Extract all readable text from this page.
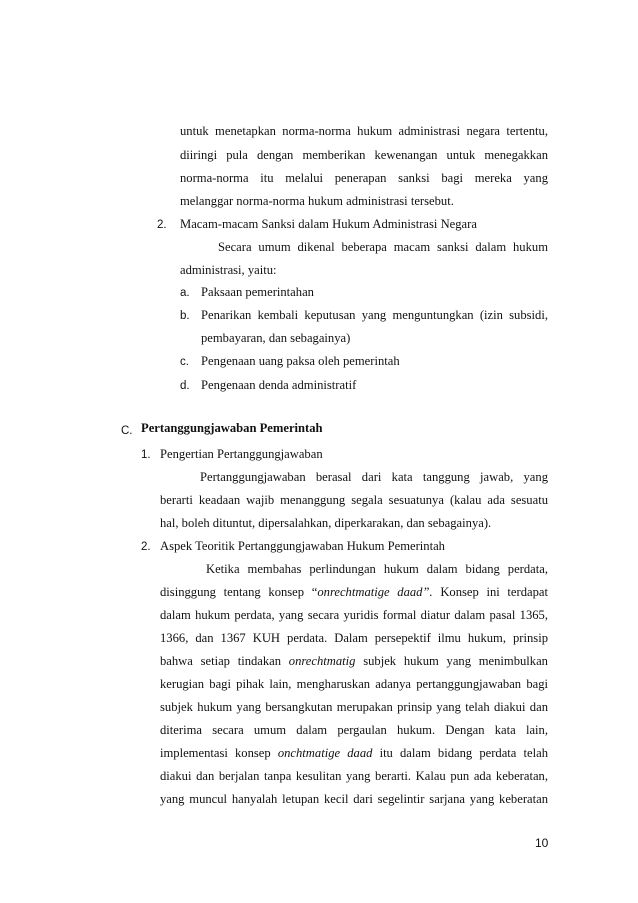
untuk menetapkan norma-norma hukum administrasi negara tertentu,
diiringi pula dengan memberikan kewenangan untuk menegakkan
norma-norma itu melalui penerapan sanksi bagi mereka yang
melanggar norma-norma hukum administrasi tersebut.
2. Macam-macam Sanksi dalam Hukum Administrasi Negara
Secara umum dikenal beberapa macam sanksi dalam hukum
administrasi, yaitu:
a. Paksaan pemerintahan
b. Penarikan kembali keputusan yang menguntungkan (izin subsidi,
pembayaran, dan sebagainya)
c. Pengenaan uang paksa oleh pemerintah
d. Pengenaan denda administratif
C. Pertanggungjawaban Pemerintah
1. Pengertian Pertanggungjawaban
Pertanggungjawaban berasal dari kata tanggung jawab, yang
berarti keadaan wajib menanggung segala sesuatunya (kalau ada sesuatu
hal, boleh dituntut, dipersalahkan, diperkarakan, dan sebagainya).
2. Aspek Teoritik Pertanggungjawaban Hukum Pemerintah
Ketika membahas perlindungan hukum dalam bidang perdata,
disinggung tentang konsep “onrechtmatige daad”. Konsep ini terdapat
dalam hukum perdata, yang secara yuridis formal diatur dalam pasal 1365,
1366, dan 1367 KUH perdata. Dalam persepektif ilmu hukum, prinsip
bahwa setiap tindakan onrechtmatig subjek hukum yang menimbulkan
kerugian bagi pihak lain, mengharuskan adanya pertanggungjawaban bagi
subjek hukum yang bersangkutan merupakan prinsip yang telah diakui dan
diterima secara umum dalam pergaulan hukum. Dengan kata lain,
implementasi konsep onchtmatige daad itu dalam bidang perdata telah
diakui dan berjalan tanpa kesulitan yang berarti. Kalau pun ada keberatan,
yang muncul hanyalah letupan kecil dari segelintir sarjana yang keberatan
10
